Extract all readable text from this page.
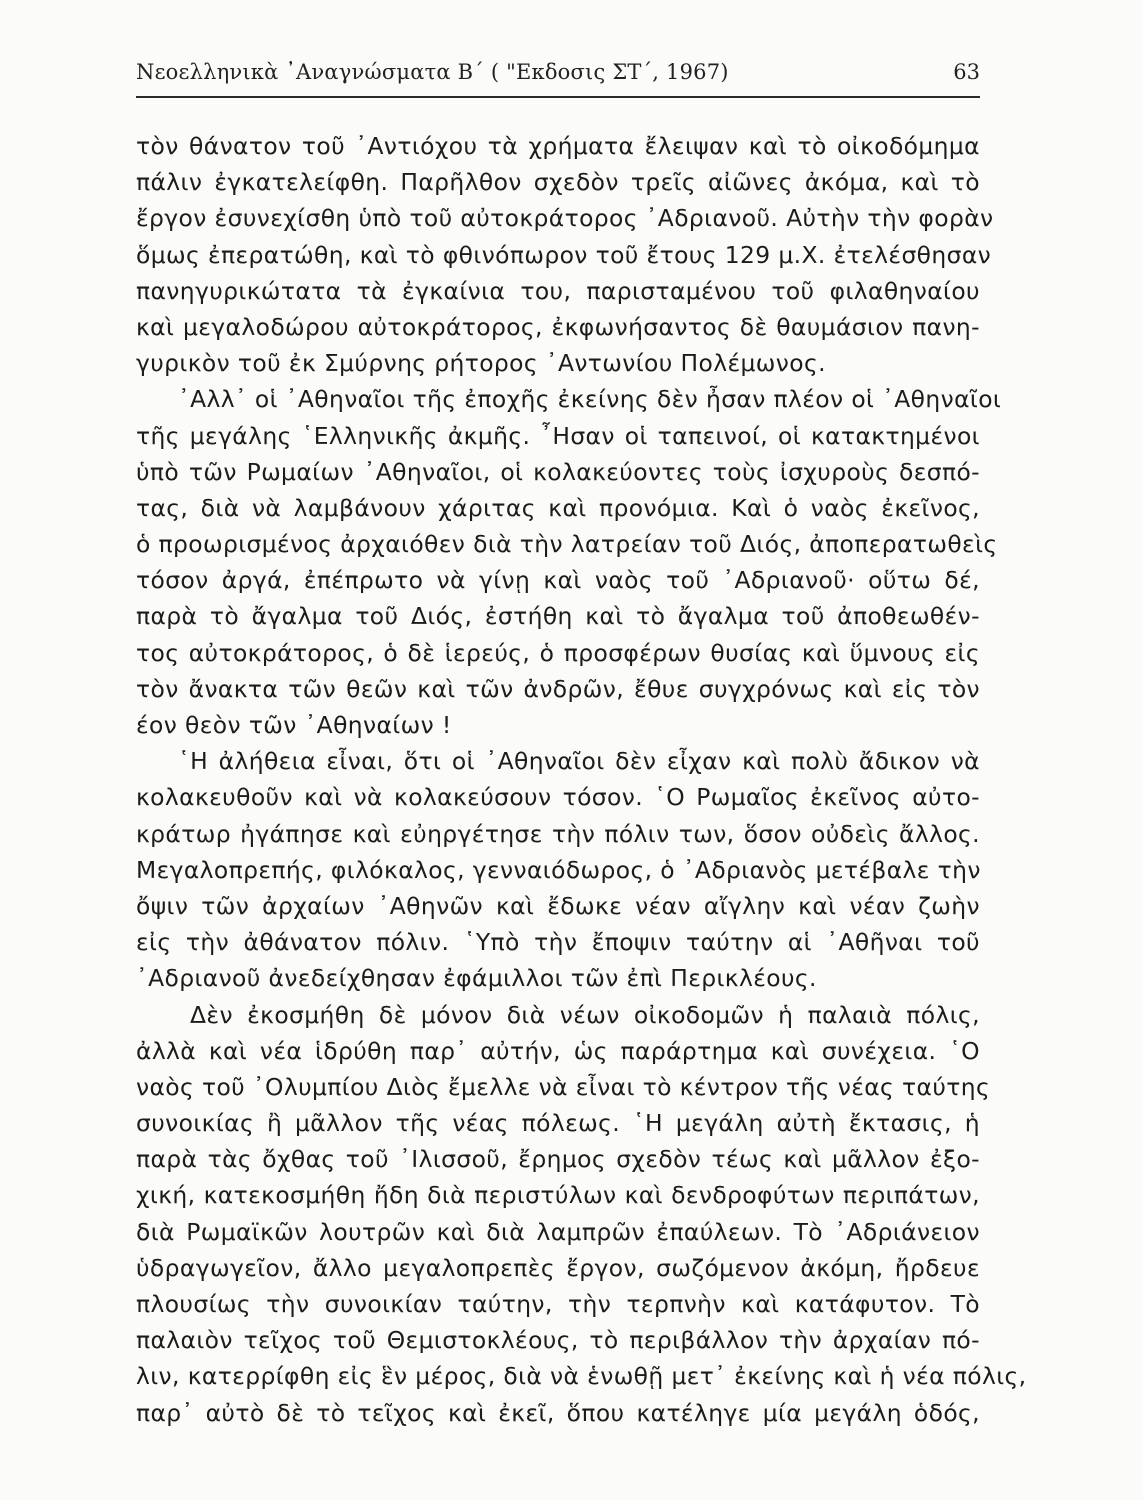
Νεοελληνικὰ ᾿Αναγνώσματα Β΄ ( "Εκδοσις ΣΤ΄, 1967)	63
τὸν θάνατον τοῦ ᾿Αντιόχου τὰ χρήματα ἔλειψαν καὶ τὸ οἰκοδόμημα
πάλιν ἐγκατελείφθη. Παρῆλθον σχεδὸν τρεῖς αἰῶνες ἀκόμα, καὶ τὸ
ἔργον ἐσυνεχίσθη ὑπὸ τοῦ αὐτοκράτορος ᾿Αδριανοῦ. Αὐτὴν τὴν φορὰν
ὅμως ἐπερατώθη, καὶ τὸ φθινόπωρον τοῦ ἔτους 129 μ.Χ. ἐτελέσθησαν
πανηγυρικώτατα τὰ ἐγκαίνια του, παρισταμένου τοῦ φιλαθηναίου
καὶ μεγαλοδώρου αὐτοκράτορος, ἐκφωνήσαντος δὲ θαυμάσιον πανη-
γυρικὸν τοῦ ἐκ Σμύρνης ρήτορος ᾿Αντωνίου Πολέμωνος.
᾿Αλλ᾿ οἱ ᾿Αθηναῖοι τῆς ἐποχῆς ἐκείνης δὲν ἦσαν πλέον οἱ ᾿Αθηναῖοι
τῆς μεγάλης ῾Ελληνικῆς ἀκμῆς. ῏Ησαν οἱ ταπεινοί, οἱ κατακτημένοι
ὑπὸ τῶν Ρωμαίων ᾿Αθηναῖοι, οἱ κολακεύοντες τοὺς ἰσχυροὺς δεσπό-
τας, διὰ νὰ λαμβάνουν χάριτας καὶ προνόμια. Καὶ ὁ ναὸς ἐκεῖνος,
ὁ προωρισμένος ἀρχαιόθεν διὰ τὴν λατρείαν τοῦ Διός, ἀποπερατωθεὶς
τόσον ἀργά, ἐπέπρωτο νὰ γίνῃ καὶ ναὸς τοῦ ᾿Αδριανοῦ· οὕτω δέ,
παρὰ τὸ ἄγαλμα τοῦ Διός, ἐστήθη καὶ τὸ ἄγαλμα τοῦ ἀποθεωθέν-
τος αὐτοκράτορος, ὁ δὲ ἱερεύς, ὁ προσφέρων θυσίας καὶ ὕμνους εἰς
τὸν ἄνακτα τῶν θεῶν καὶ τῶν ἀνδρῶν, ἔθυε συγχρόνως καὶ εἰς τὸν
έον θεὸν τῶν ᾿Αθηναίων !
῾Η ἀλήθεια εἶναι, ὅτι οἱ ᾿Αθηναῖοι δὲν εἶχαν καὶ πολὺ ἄδικον νὰ
κολακευθοῦν καὶ νὰ κολακεύσουν τόσον. ῾Ο Ρωμαῖος ἐκεῖνος αὐτο-
κράτωρ ἠγάπησε καὶ εὐηργέτησε τὴν πόλιν των, ὅσον οὐδεὶς ἄλλος.
Μεγαλοπρεπής, φιλόκαλος, γενναιόδωρος, ὁ ᾿Αδριανὸς μετέβαλε τὴν
ὄψιν τῶν ἀρχαίων ᾿Αθηνῶν καὶ ἔδωκε νέαν αἴγλην καὶ νέαν ζωὴν
εἰς τὴν ἀθάνατον πόλιν. ῾Υπὸ τὴν ἔποψιν ταύτην αἱ ᾿Αθῆναι τοῦ
᾿Αδριανοῦ ἀνεδείχθησαν ἐφάμιλλοι τῶν ἐπὶ Περικλέους.
Δὲν ἐκοσμήθη δὲ μόνον διὰ νέων οἰκοδομῶν ἡ παλαιὰ πόλις,
ἀλλὰ καὶ νέα ἱδρύθη παρ᾿ αὐτήν, ὡς παράρτημα καὶ συνέχεια. ῾Ο
ναὸς τοῦ ᾿Ολυμπίου Διὸς ἔμελλε νὰ εἶναι τὸ κέντρον τῆς νέας ταύτης
συνοικίας ἢ μᾶλλον τῆς νέας πόλεως. ῾Η μεγάλη αὐτὴ ἔκτασις, ἡ
παρὰ τὰς ὄχθας τοῦ ᾿Ιλισσοῦ, ἔρημος σχεδὸν τέως καὶ μᾶλλον ἐξο-
χική, κατεκοσμήθη ἤδη διὰ περιστύλων καὶ δενδροφύτων περιπάτων,
διὰ Ρωμαϊκῶν λουτρῶν καὶ διὰ λαμπρῶν ἐπαύλεων. Τὸ ᾿Αδριάνειον
ὑδραγωγεῖον, ἄλλο μεγαλοπρεπὲς ἔργον, σωζόμενον ἀκόμη, ἤρδευε
πλουσίως τὴν συνοικίαν ταύτην, τὴν τερπνὴν καὶ κατάφυτον. Τὸ
παλαιὸν τεῖχος τοῦ Θεμιστοκλέους, τὸ περιβάλλον τὴν ἀρχαίαν πό-
λιν, κατερρίφθη εἰς ἓν μέρος, διὰ νὰ ἑνωθῇ μετ᾿ ἐκείνης καὶ ἡ νέα πόλις,
παρ᾿ αὐτὸ δὲ τὸ τεῖχος καὶ ἐκεῖ, ὅπου κατέληγε μία μεγάλη ὁδός,
